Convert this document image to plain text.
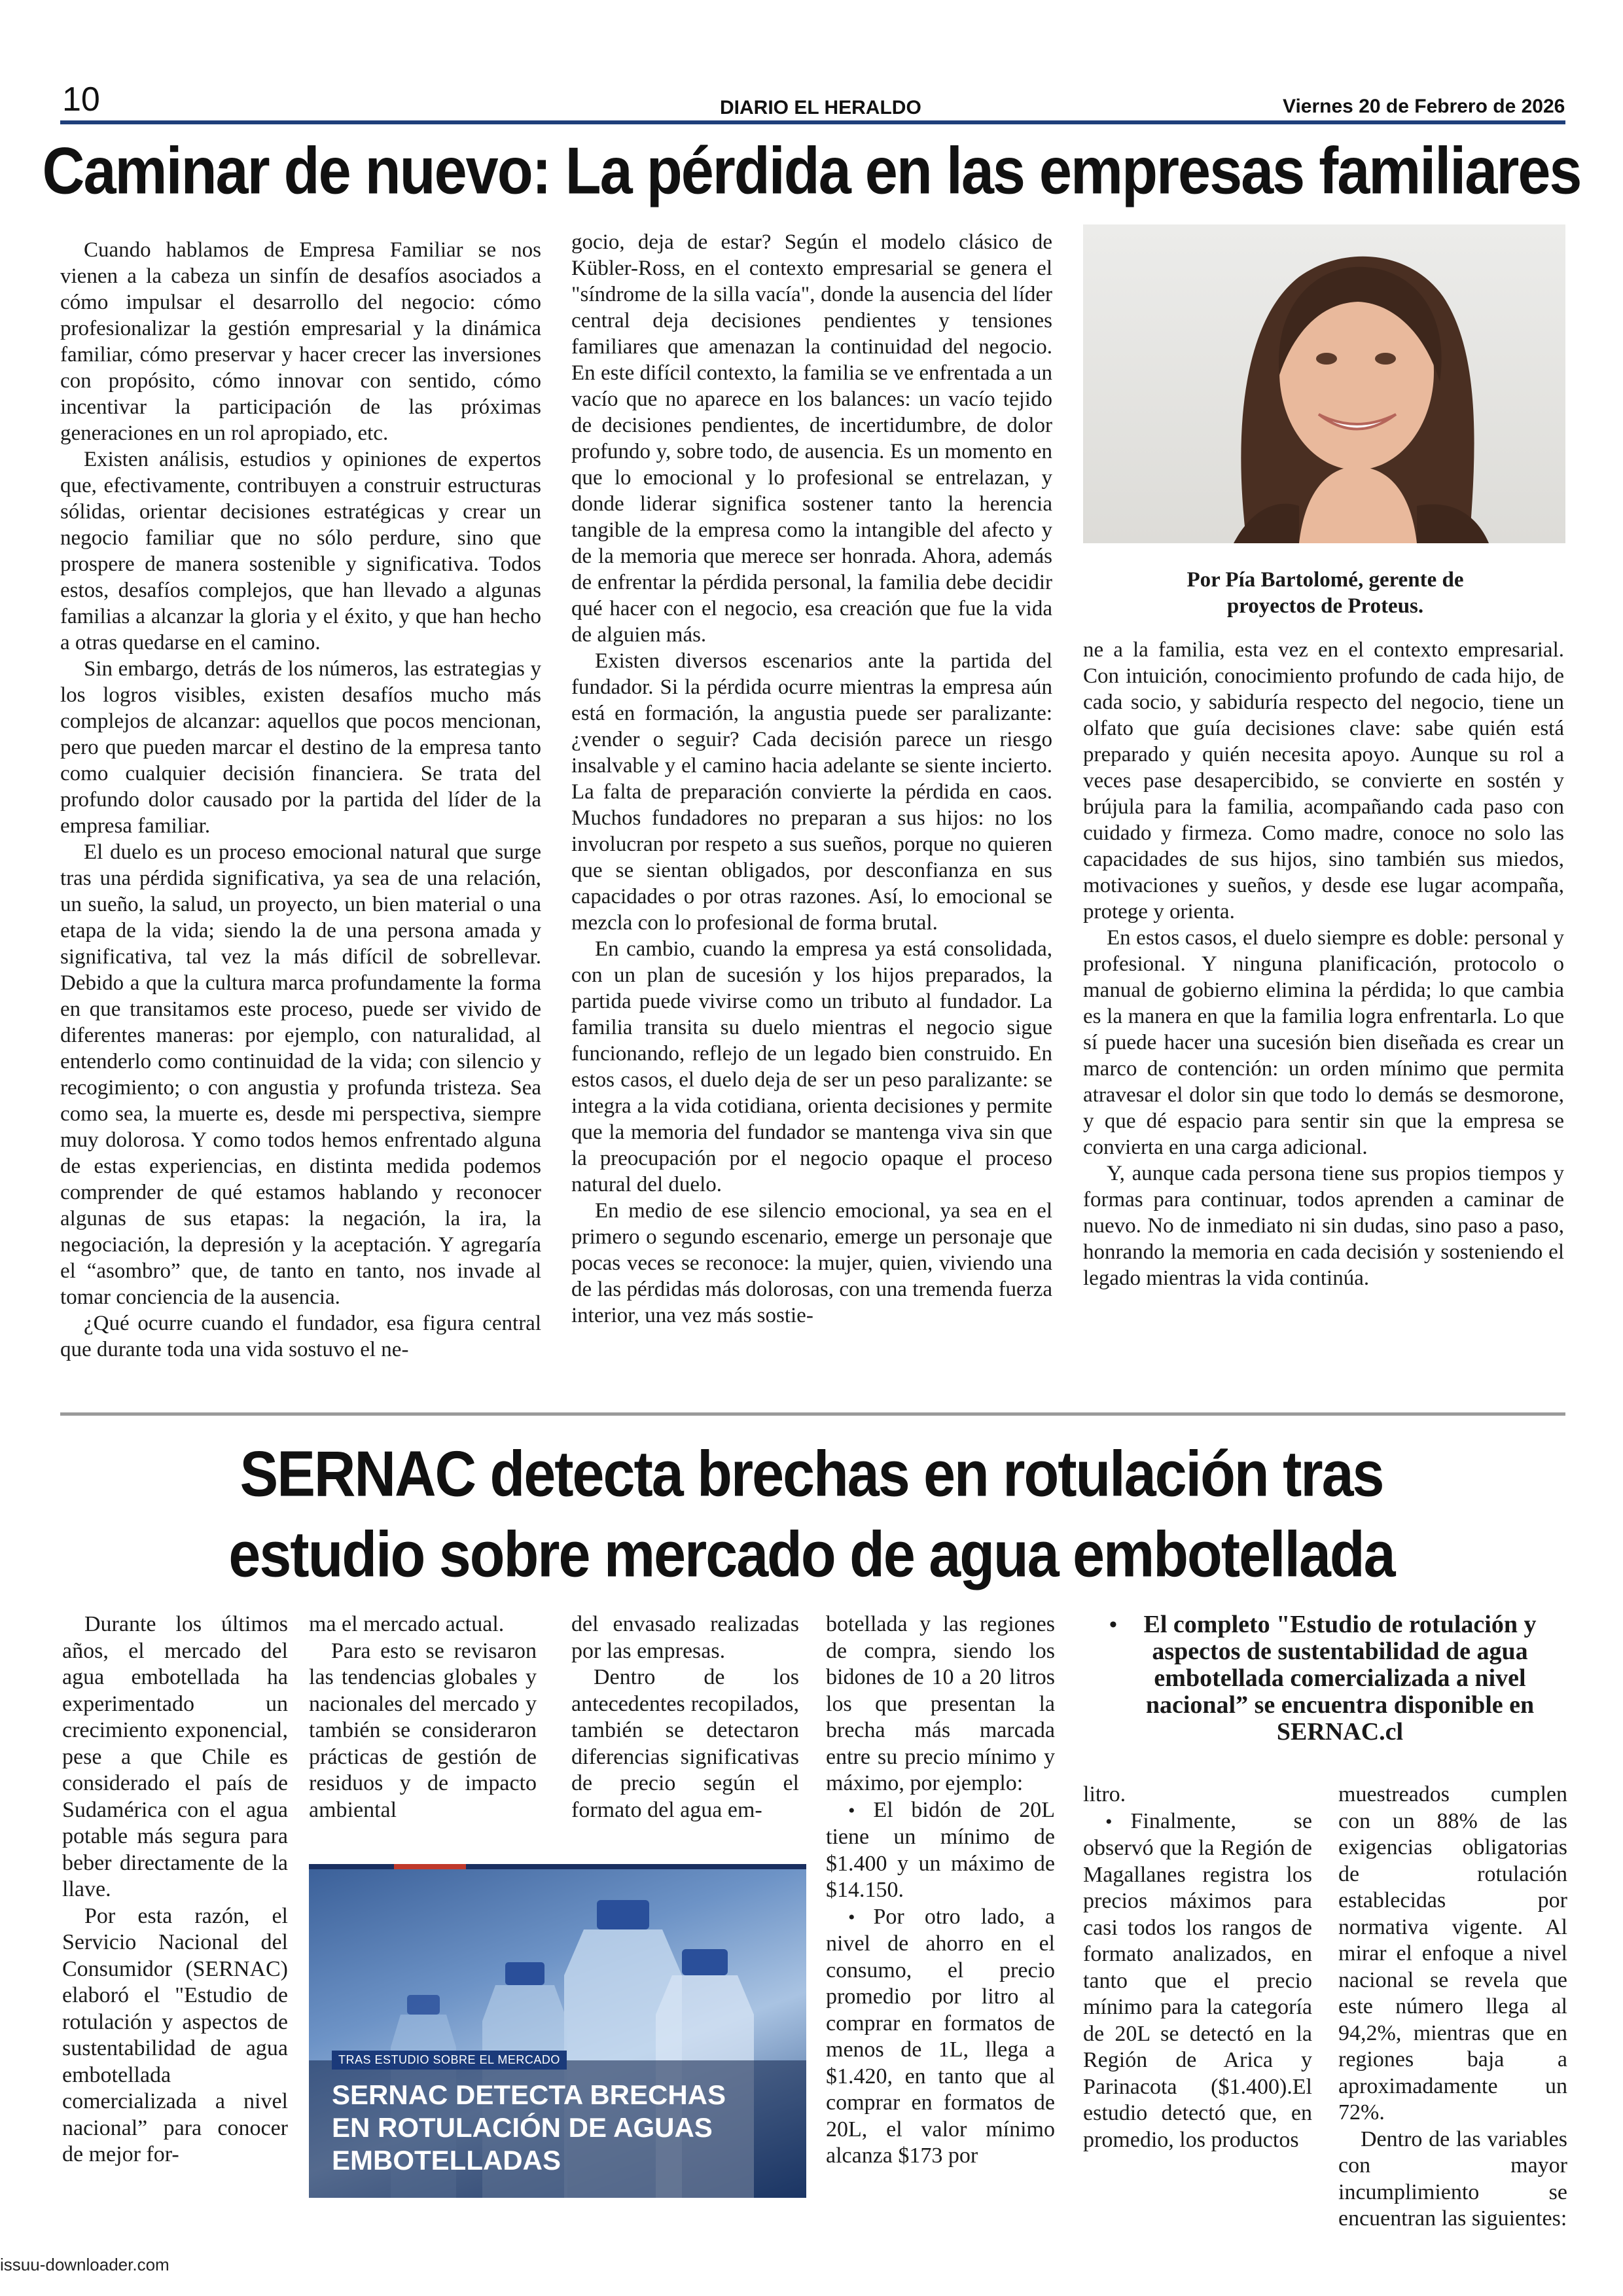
10	DIARIO EL HERALDO	Viernes 20 de Febrero de 2026
Caminar de nuevo: La pérdida en las empresas familiares

Cuando hablamos de Empresa Familiar se nos vienen a la cabeza un sinfín de desafíos asociados a cómo impulsar el desarrollo del negocio: cómo profesionalizar la gestión empresarial y la dinámica familiar, cómo preservar y hacer crecer las inversiones con propósito, cómo innovar con sentido, cómo incentivar la participación de las próximas generaciones en un rol apropiado, etc.

Existen análisis, estudios y opiniones de expertos que, efectivamente, contribuyen a construir estructuras sólidas, orientar decisiones estratégicas y crear un negocio familiar que no sólo perdure, sino que prospere de manera sostenible y significativa. Todos estos, desafíos complejos, que han llevado a algunas familias a alcanzar la gloria y el éxito, y que han hecho a otras quedarse en el camino.

Sin embargo, detrás de los números, las estrategias y los logros visibles, existen desafíos mucho más complejos de alcanzar: aquellos que pocos mencionan, pero que pueden marcar el destino de la empresa tanto como cualquier decisión financiera. Se trata del profundo dolor causado por la partida del líder de la empresa familiar.

El duelo es un proceso emocional natural que surge tras una pérdida significativa, ya sea de una relación, un sueño, la salud, un proyecto, un bien material o una etapa de la vida; siendo la de una persona amada y significativa, tal vez la más difícil de sobrellevar. Debido a que la cultura marca profundamente la forma en que transitamos este proceso, puede ser vivido de diferentes maneras: por ejemplo, con naturalidad, al entenderlo como continuidad de la vida; con silencio y recogimiento; o con angustia y profunda tristeza. Sea como sea, la muerte es, desde mi perspectiva, siempre muy dolorosa. Y como todos hemos enfrentado alguna de estas experiencias, en distinta medida podemos comprender de qué estamos hablando y reconocer algunas de sus etapas: la negación, la ira, la negociación, la depresión y la aceptación. Y agregaría el “asombro” que, de tanto en tanto, nos invade al tomar conciencia de la ausencia.

¿Qué ocurre cuando el fundador, esa figura central que durante toda una vida sostuvo el ne-

gocio, deja de estar? Según el modelo clásico de Kübler-Ross, en el contexto empresarial se genera el "síndrome de la silla vacía", donde la ausencia del líder central deja decisiones pendientes y tensiones familiares que amenazan la continuidad del negocio. En este difícil contexto, la familia se ve enfrentada a un vacío que no aparece en los balances: un vacío tejido de decisiones pendientes, de incertidumbre, de dolor profundo y, sobre todo, de ausencia. Es un momento en que lo emocional y lo profesional se entrelazan, y donde liderar significa sostener tanto la herencia tangible de la empresa como la intangible del afecto y de la memoria que merece ser honrada. Ahora, además de enfrentar la pérdida personal, la familia debe decidir qué hacer con el negocio, esa creación que fue la vida de alguien más.

Existen diversos escenarios ante la partida del fundador. Si la pérdida ocurre mientras la empresa aún está en formación, la angustia puede ser paralizante: ¿vender o seguir? Cada decisión parece un riesgo insalvable y el camino hacia adelante se siente incierto. La falta de preparación convierte la pérdida en caos. Muchos fundadores no preparan a sus hijos: no los involucran por respeto a sus sueños, porque no quieren que se sientan obligados, por desconfianza en sus capacidades o por otras razones. Así, lo emocional se mezcla con lo profesional de forma brutal.

En cambio, cuando la empresa ya está consolidada, con un plan de sucesión y los hijos preparados, la partida puede vivirse como un tributo al fundador. La familia transita su duelo mientras el negocio sigue funcionando, reflejo de un legado bien construido. En estos casos, el duelo deja de ser un peso paralizante: se integra a la vida cotidiana, orienta decisiones y permite que la memoria del fundador se mantenga viva sin que la preocupación por el negocio opaque el proceso natural del duelo.

En medio de ese silencio emocional, ya sea en el primero o segundo escenario, emerge un personaje que pocas veces se reconoce: la mujer, quien, viviendo una de las pérdidas más dolorosas, con una tremenda fuerza interior, una vez más sostie-

Por Pía Bartolomé, gerente de proyectos de Proteus.

ne a la familia, esta vez en el contexto empresarial. Con intuición, conocimiento profundo de cada hijo, de cada socio, y sabiduría respecto del negocio, tiene un olfato que guía decisiones clave: sabe quién está preparado y quién necesita apoyo. Aunque su rol a veces pase desapercibido, se convierte en sostén y brújula para la familia, acompañando cada paso con cuidado y firmeza. Como madre, conoce no solo las capacidades de sus hijos, sino también sus miedos, motivaciones y sueños, y desde ese lugar acompaña, protege y orienta.

En estos casos, el duelo siempre es doble: personal y profesional. Y ninguna planificación, protocolo o manual de gobierno elimina la pérdida; lo que cambia es la manera en que la familia logra enfrentarla. Lo que sí puede hacer una sucesión bien diseñada es crear un marco de contención: un orden mínimo que permita atravesar el dolor sin que todo lo demás se desmorone, y que dé espacio para sentir sin que la empresa se convierta en una carga adicional.

Y, aunque cada persona tiene sus propios tiempos y formas para continuar, todos aprenden a caminar de nuevo. No de inmediato ni sin dudas, sino paso a paso, honrando la memoria en cada decisión y sosteniendo el legado mientras la vida continúa.

SERNAC detecta brechas en rotulación tras
estudio sobre mercado de agua embotellada

Durante los últimos años, el mercado del agua embotellada ha experimentado un crecimiento exponencial, pese a que Chile es considerado el país de Sudamérica con el agua potable más segura para beber directamente de la llave.

Por esta razón, el Servicio Nacional del Consumidor (SERNAC) elaboró el "Estudio de rotulación y aspectos de sustentabilidad de agua embotellada comercializada a nivel nacional” para conocer de mejor for-

ma el mercado actual.

Para esto se revisaron las tendencias globales y nacionales del mercado y también se consideraron prácticas de gestión de residuos y de impacto ambiental

del envasado realizadas por las empresas.

Dentro de los antecedentes recopilados, también se detectaron diferencias significativas de precio según el formato del agua em-

TRAS ESTUDIO SOBRE EL MERCADO
SERNAC DETECTA BRECHAS
EN ROTULACIÓN DE AGUAS
EMBOTELLADAS

botellada y las regiones de compra, siendo los bidones de 10 a 20 litros los que presentan la brecha más marcada entre su precio mínimo y máximo, por ejemplo:

• El bidón de 20L tiene un mínimo de $1.400 y un máximo de $14.150.

• Por otro lado, a nivel de ahorro en el consumo, el precio promedio por litro al comprar en formatos de menos de 1L, llega a $1.420, en tanto que al comprar en formatos de 20L, el valor mínimo alcanza $173 por

•	El completo "Estudio de rotulación y aspectos de sustentabilidad de agua embotellada comercializada a nivel nacional” se encuentra disponible en SERNAC.cl

litro.

• Finalmente, se observó que la Región de Magallanes registra los precios máximos para casi todos los rangos de formato analizados, en tanto que el precio mínimo para la categoría de 20L se detectó en la Región de Arica y Parinacota ($1.400).El estudio detectó que, en promedio, los productos

muestreados cumplen con un 88% de las exigencias obligatorias de rotulación establecidas por normativa vigente. Al mirar el enfoque a nivel nacional se revela que este número llega al 94,2%, mientras que en regiones baja a aproximadamente un 72%.

Dentro de las variables con mayor incumplimiento se encuentran las siguientes:

issuu-downloader.com
